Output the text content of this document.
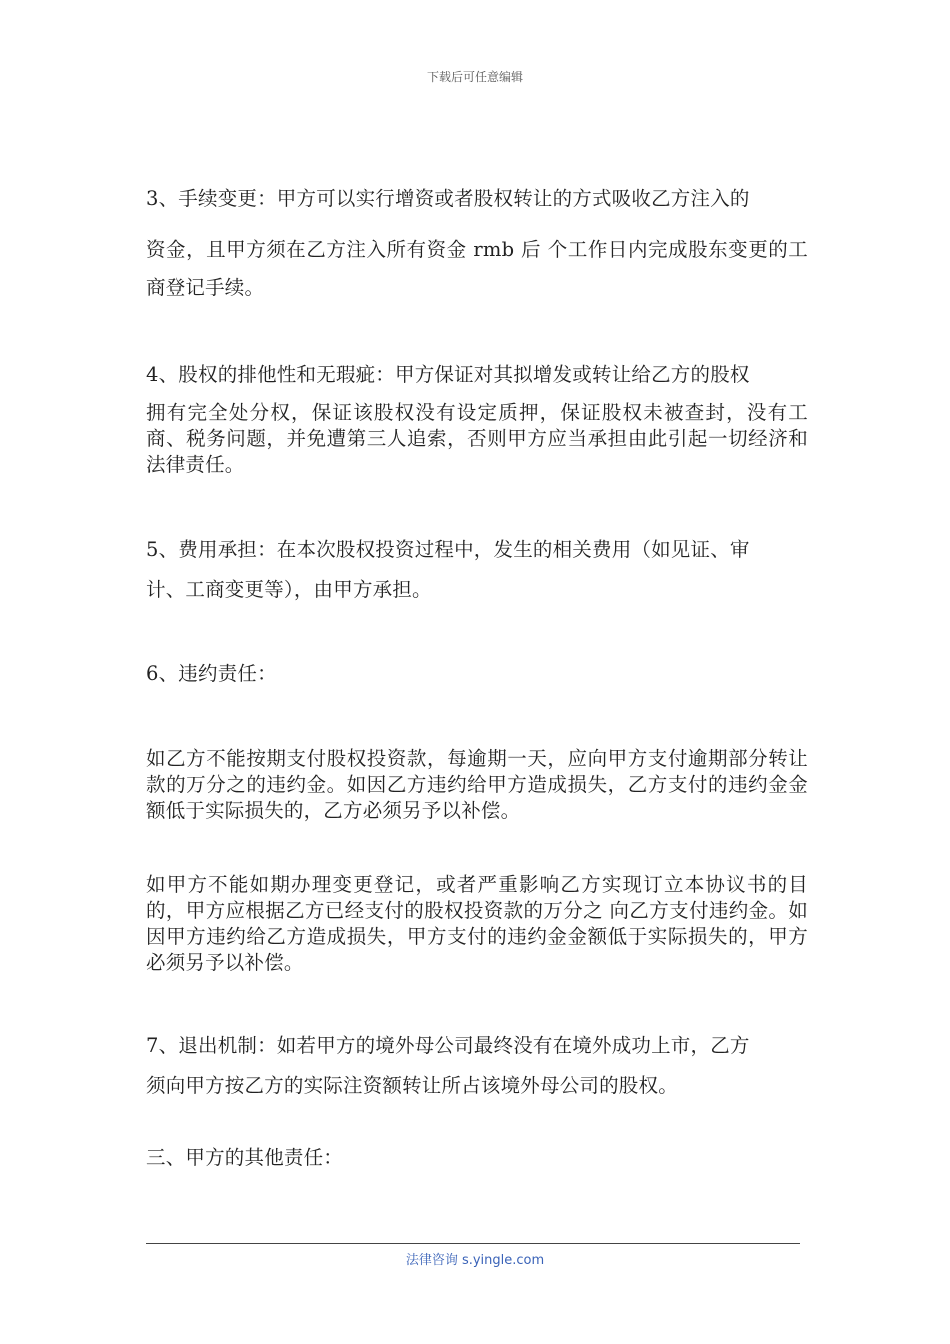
下载后可任意编辑
3、手续变更：甲方可以实行增资或者股权转让的方式吸收乙方注入的
资金，且甲方须在乙方注入所有资金 rmb 后 个工作日内完成股东变更的工商登记手续。
4、股权的排他性和无瑕疵：甲方保证对其拟增发或转让给乙方的股权
拥有完全处分权，保证该股权没有设定质押，保证股权未被查封，没有工商、税务问题，并免遭第三人追索，否则甲方应当承担由此引起一切经济和法律责任。
5、费用承担：在本次股权投资过程中，发生的相关费用（如见证、审
计、工商变更等），由甲方承担。
6、违约责任：
如乙方不能按期支付股权投资款，每逾期一天，应向甲方支付逾期部分转让款的万分之的违约金。如因乙方违约给甲方造成损失，乙方支付的违约金金额低于实际损失的，乙方必须另予以补偿。
如甲方不能如期办理变更登记，或者严重影响乙方实现订立本协议书的目的，甲方应根据乙方已经支付的股权投资款的万分之 向乙方支付违约金。如因甲方违约给乙方造成损失，甲方支付的违约金金额低于实际损失的，甲方必须另予以补偿。
7、退出机制：如若甲方的境外母公司最终没有在境外成功上市，乙方
须向甲方按乙方的实际注资额转让所占该境外母公司的股权。
三、甲方的其他责任：
法律咨询 s.yingle.com
